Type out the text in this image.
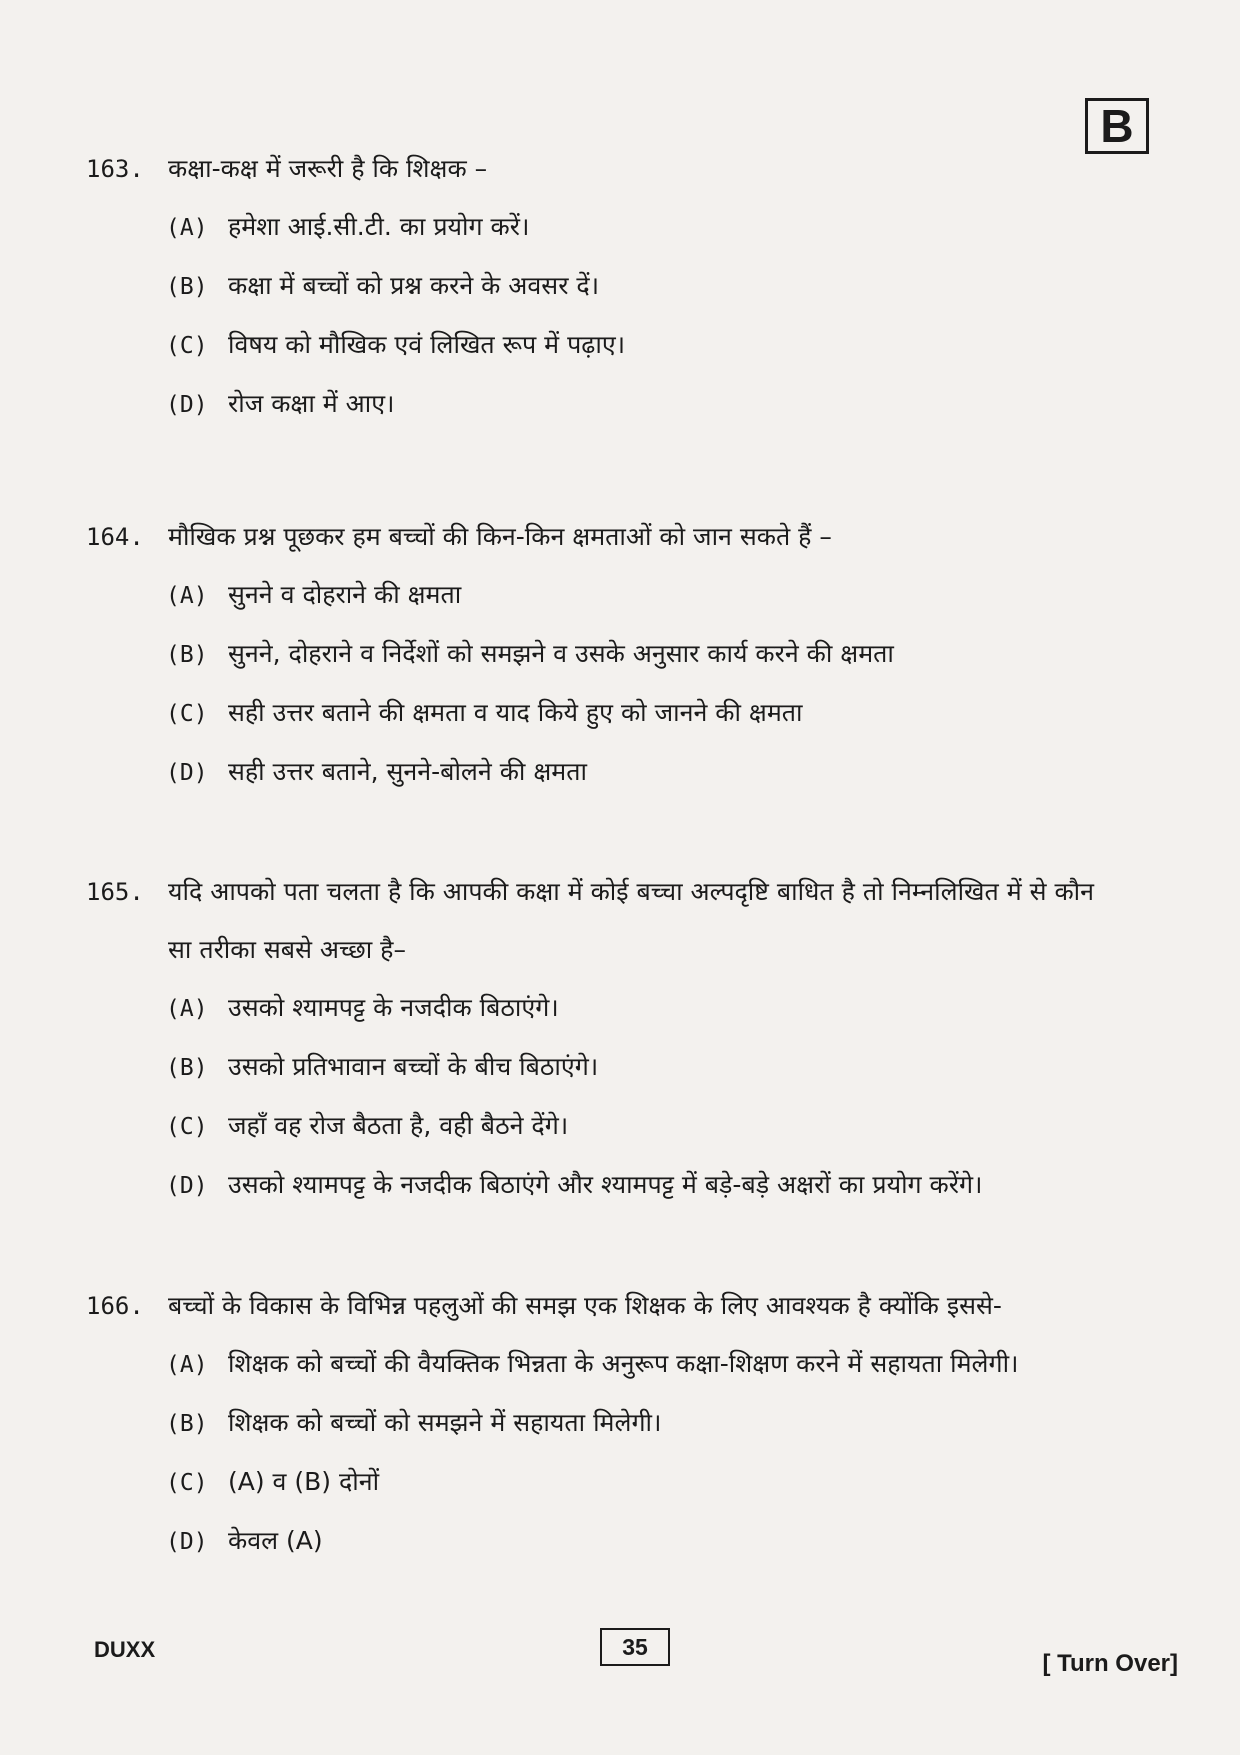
B
163. कक्षा-कक्ष में जरूरी है कि शिक्षक –
(A) हमेशा आई.सी.टी. का प्रयोग करें।
(B) कक्षा में बच्चों को प्रश्न करने के अवसर दें।
(C) विषय को मौखिक एवं लिखित रूप में पढ़ाए।
(D) रोज कक्षा में आए।
164. मौखिक प्रश्न पूछकर हम बच्चों की किन-किन क्षमताओं को जान सकते हैं –
(A) सुनने व दोहराने की क्षमता
(B) सुनने, दोहराने व निर्देशों को समझने व उसके अनुसार कार्य करने की क्षमता
(C) सही उत्तर बताने की क्षमता व याद किये हुए को जानने की क्षमता
(D) सही उत्तर बताने, सुनने-बोलने की क्षमता
165. यदि आपको पता चलता है कि आपकी कक्षा में कोई बच्चा अल्पदृष्टि बाधित है तो निम्नलिखित में से कौन
सा तरीका सबसे अच्छा है–
(A) उसको श्यामपट्ट के नजदीक बिठाएंगे।
(B) उसको प्रतिभावान बच्चों के बीच बिठाएंगे।
(C) जहाँ वह रोज बैठता है, वही बैठने देंगे।
(D) उसको श्यामपट्ट के नजदीक बिठाएंगे और श्यामपट्ट में बड़े-बड़े अक्षरों का प्रयोग करेंगे।
166. बच्चों के विकास के विभिन्न पहलुओं की समझ एक शिक्षक के लिए आवश्यक है क्योंकि इससे-
(A) शिक्षक को बच्चों की वैयक्तिक भिन्नता के अनुरूप कक्षा-शिक्षण करने में सहायता मिलेगी।
(B) शिक्षक को बच्चों को समझने में सहायता मिलेगी।
(C) (A) व (B) दोनों
(D) केवल (A)
DUXX	35
[ Turn Over]
